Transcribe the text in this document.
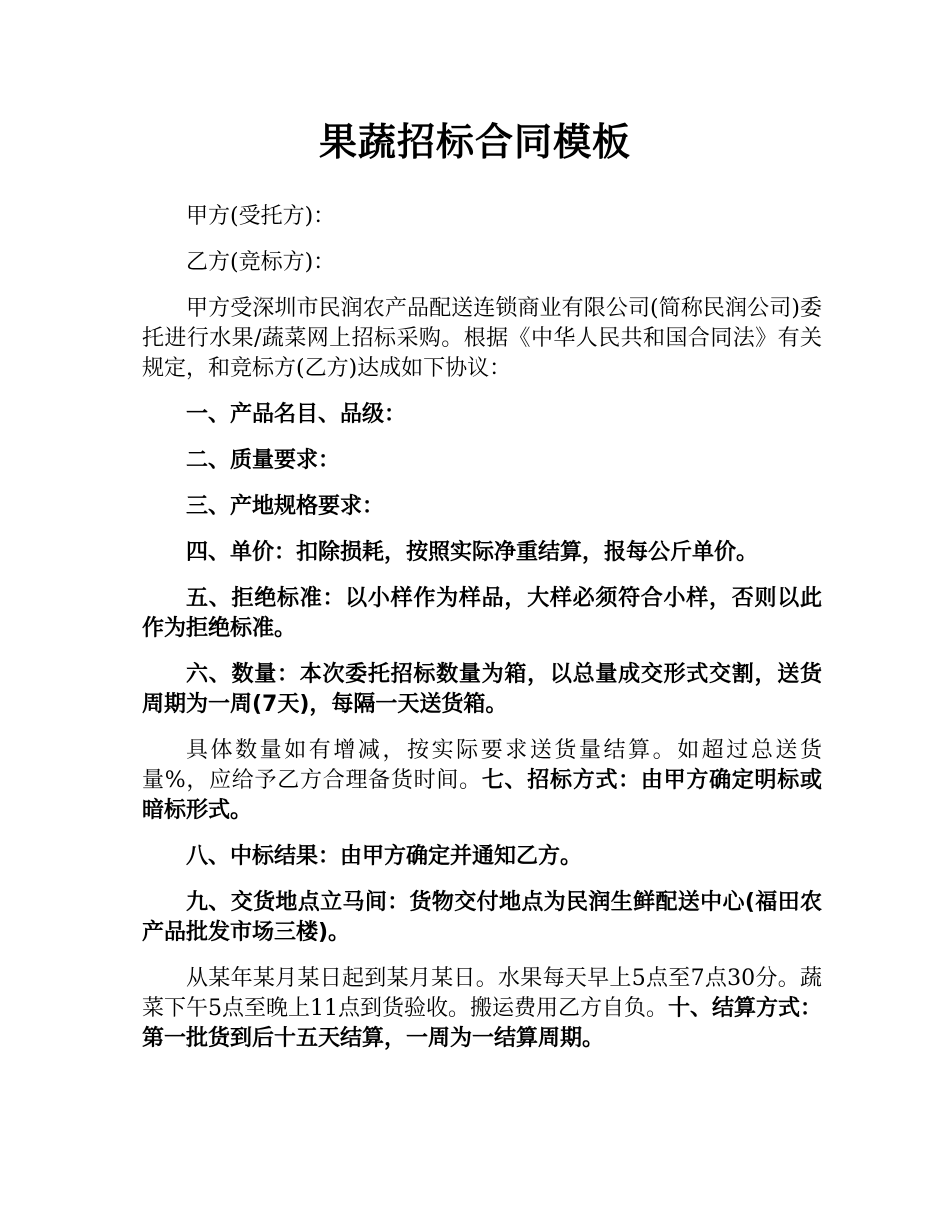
果蔬招标合同模板

甲方(受托方)：

乙方(竞标方)：

甲方受深圳市民润农产品配送连锁商业有限公司(简称民润公司)委托进行水果/蔬菜网上招标采购。根据《中华人民共和国合同法》有关规定，和竞标方(乙方)达成如下协议：

一、产品名目、品级：

二、质量要求：

三、产地规格要求：

四、单价：扣除损耗，按照实际净重结算，报每公斤单价。

五、拒绝标准：以小样作为样品，大样必须符合小样，否则以此作为拒绝标准。

六、数量：本次委托招标数量为箱，以总量成交形式交割，送货周期为一周(7天)，每隔一天送货箱。

具体数量如有增减，按实际要求送货量结算。如超过总送货量%，应给予乙方合理备货时间。七、招标方式：由甲方确定明标或暗标形式。

八、中标结果：由甲方确定并通知乙方。

九、交货地点立马间：货物交付地点为民润生鲜配送中心(福田农产品批发市场三楼)。

从某年某月某日起到某月某日。水果每天早上5点至7点30分。蔬菜下午5点至晚上11点到货验收。搬运费用乙方自负。十、结算方式：第一批货到后十五天结算，一周为一结算周期。
